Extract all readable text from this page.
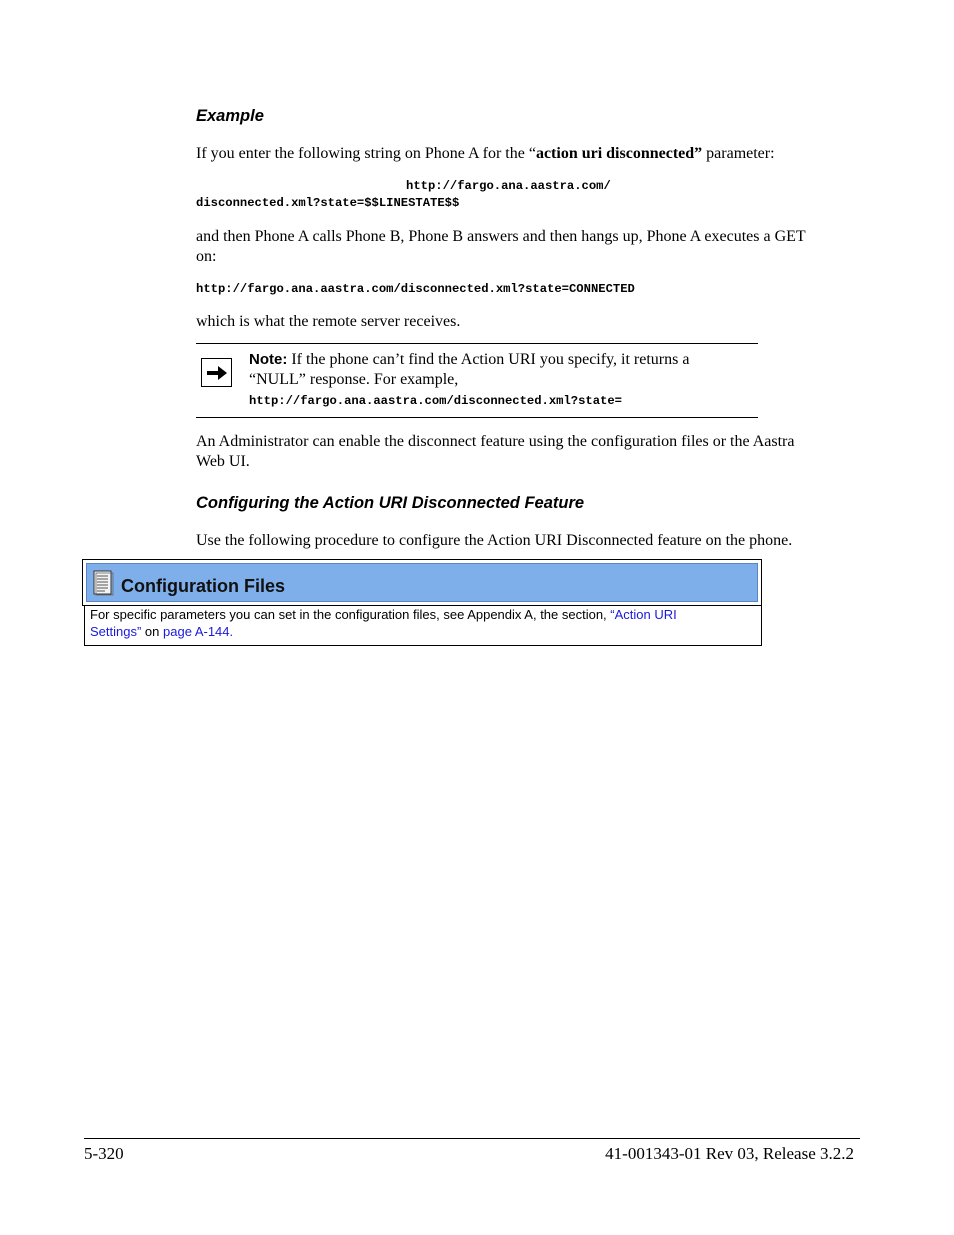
Example
If you enter the following string on Phone A for the “action uri disconnected” parameter:
http://fargo.ana.aastra.com/
disconnected.xml?state=$$LINESTATE$$
and then Phone A calls Phone B, Phone B answers and then hangs up, Phone A executes a GET
on:
http://fargo.ana.aastra.com/disconnected.xml?state=CONNECTED
which is what the remote server receives.
Note: If the phone can’t find the Action URI you specify, it returns a
“NULL” response. For example,
http://fargo.ana.aastra.com/disconnected.xml?state=
An Administrator can enable the disconnect feature using the configuration files or the Aastra
Web UI.
Configuring the Action URI Disconnected Feature
Use the following procedure to configure the Action URI Disconnected feature on the phone.
Configuration Files
For specific parameters you can set in the configuration files, see Appendix A, the section, “Action URI
Settings” on page A-144.
5-320	41-001343-01 Rev 03, Release 3.2.2
